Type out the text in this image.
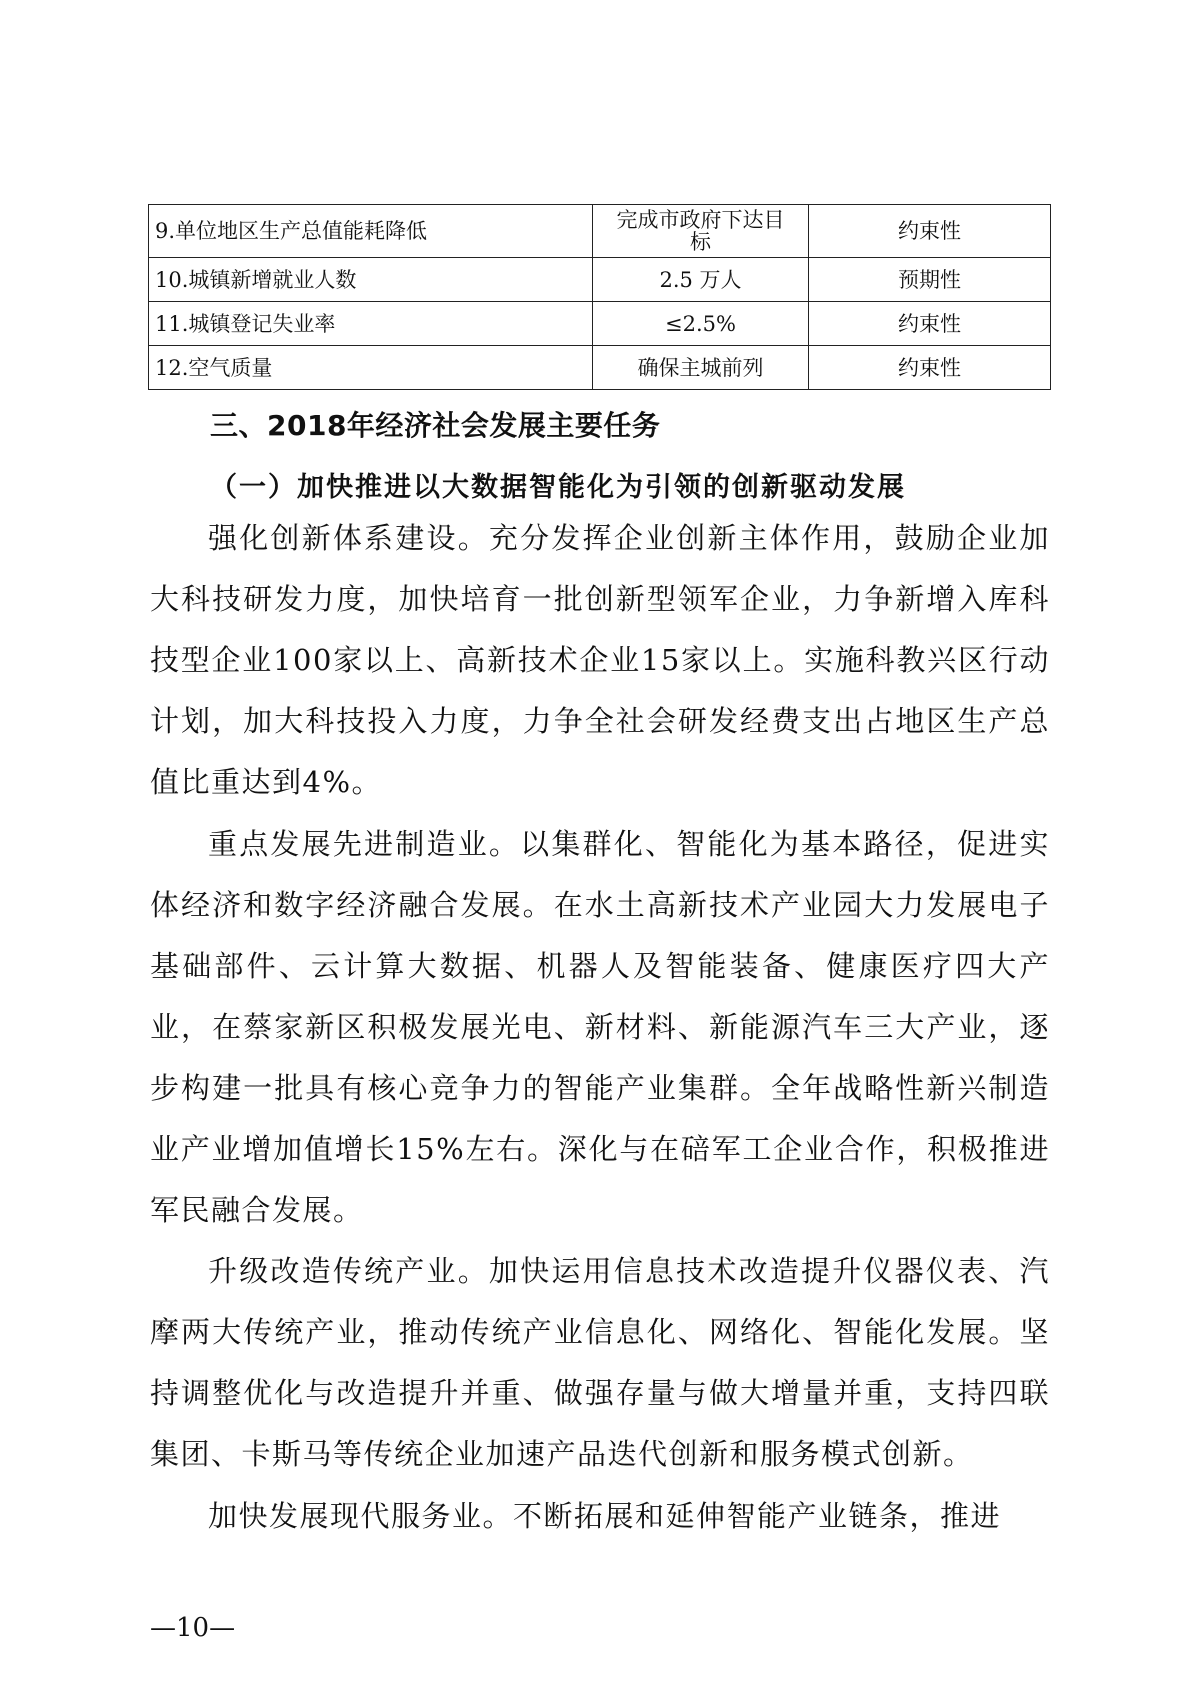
9.单位地区生产总值能耗降低	完成市政府下达目标	约束性
10.城镇新增就业人数	2.5 万人	预期性
11.城镇登记失业率	≤2.5%	约束性
12.空气质量	确保主城前列	约束性
三、2018年经济社会发展主要任务
（一）加快推进以大数据智能化为引领的创新驱动发展

强化创新体系建设。充分发挥企业创新主体作用，鼓励企业加大科技研发力度，加快培育一批创新型领军企业，力争新增入库科技型企业100家以上、高新技术企业15家以上。实施科教兴区行动计划，加大科技投入力度，力争全社会研发经费支出占地区生产总值比重达到4%。

重点发展先进制造业。以集群化、智能化为基本路径，促进实体经济和数字经济融合发展。在水土高新技术产业园大力发展电子基础部件、云计算大数据、机器人及智能装备、健康医疗四大产业，在蔡家新区积极发展光电、新材料、新能源汽车三大产业，逐步构建一批具有核心竞争力的智能产业集群。全年战略性新兴制造业产业增加值增长15%左右。深化与在碚军工企业合作，积极推进军民融合发展。

升级改造传统产业。加快运用信息技术改造提升仪器仪表、汽摩两大传统产业，推动传统产业信息化、网络化、智能化发展。坚持调整优化与改造提升并重、做强存量与做大增量并重，支持四联集团、卡斯马等传统企业加速产品迭代创新和服务模式创新。

加快发展现代服务业。不断拓展和延伸智能产业链条，推进

—10—
